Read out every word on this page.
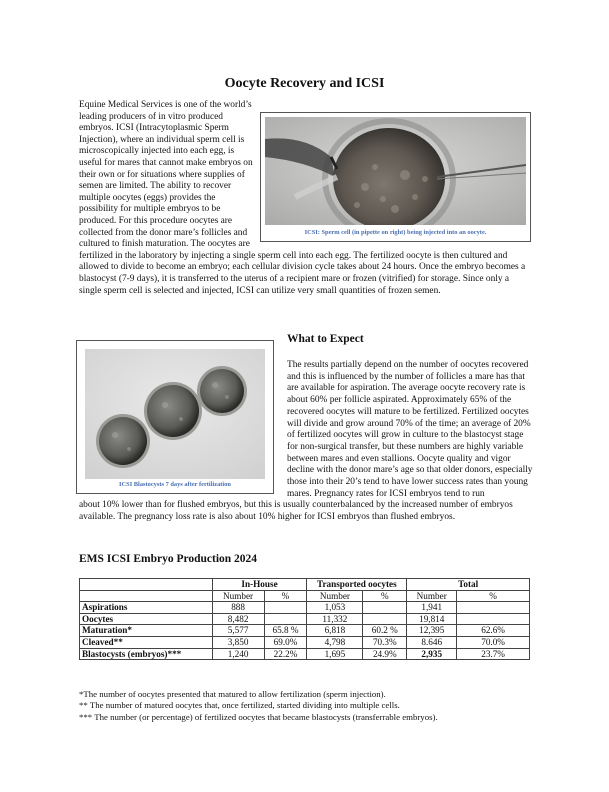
Oocyte Recovery and ICSI
ICSI: Sperm cell (in pipette on right) being injected into an oocyte.

Equine Medical Services is one of the world’s leading producers of in vitro produced embryos. ICSI (Intracytoplasmic Sperm Injection), where an individual sperm cell is microscopically injected into each egg, is useful for mares that cannot make embryos on their own or for situations where supplies of semen are limited. The ability to recover multiple oocytes (eggs) provides the possibility for multiple embryos to be produced. For this procedure oocytes are collected from the donor mare’s follicles and cultured to finish maturation. The oocytes are fertilized in the laboratory by injecting a single sperm cell into each egg. The fertilized oocyte is then cultured and allowed to divide to become an embryo; each cellular division cycle takes about 24 hours. Once the embryo becomes a blastocyst (7-9 days), it is transferred to the uterus of a recipient mare or frozen (vitrified) for storage. Since only a single sperm cell is selected and injected, ICSI can utilize very small quantities of frozen semen.

ICSI Blastocysts 7 days after fertilization
What to Expect

The results partially depend on the number of oocytes recovered and this is influenced by the number of follicles a mare has that are available for aspiration. The average oocyte recovery rate is about 60% per follicle aspirated. Approximately 65% of the recovered oocytes will mature to be fertilized. Fertilized oocytes will divide and grow around 70% of the time; an average of 20% of fertilized oocytes will grow in culture to the blastocyst stage for non-surgical transfer, but these numbers are highly variable between mares and even stallions. Oocyte quality and vigor decline with the donor mare’s age so that older donors, especially those into their 20’s tend to have lower success rates than young mares. Pregnancy rates for ICSI embryos tend to run

about 10% lower than for flushed embryos, but this is usually counterbalanced by the increased number of embryos available. The pregnancy loss rate is also about 10% higher for ICSI embryos than flushed embryos.

EMS ICSI Embryo Production 2024
	In-House		Transported oocytes		Total	
	Number	%	Number	%	Number	%
Aspirations	888		1,053		1,941	
Oocytes	8,482		11,332		19,814	
Maturation*	5,577	65.8 %	6,818	60.2 %	12,395	62.6%
Cleaved**	3,850	69.0%	4,798	70.3%	8.646	70.0%
Blastocysts (embryos)***	1,240	22.2%	1,695	24.9%	2,935	23.7%

*The number of oocytes presented that matured to allow fertilization (sperm injection).

** The number of matured oocytes that, once fertilized, started dividing into multiple cells.

*** The number (or percentage) of fertilized oocytes that became blastocysts (transferrable embryos).
